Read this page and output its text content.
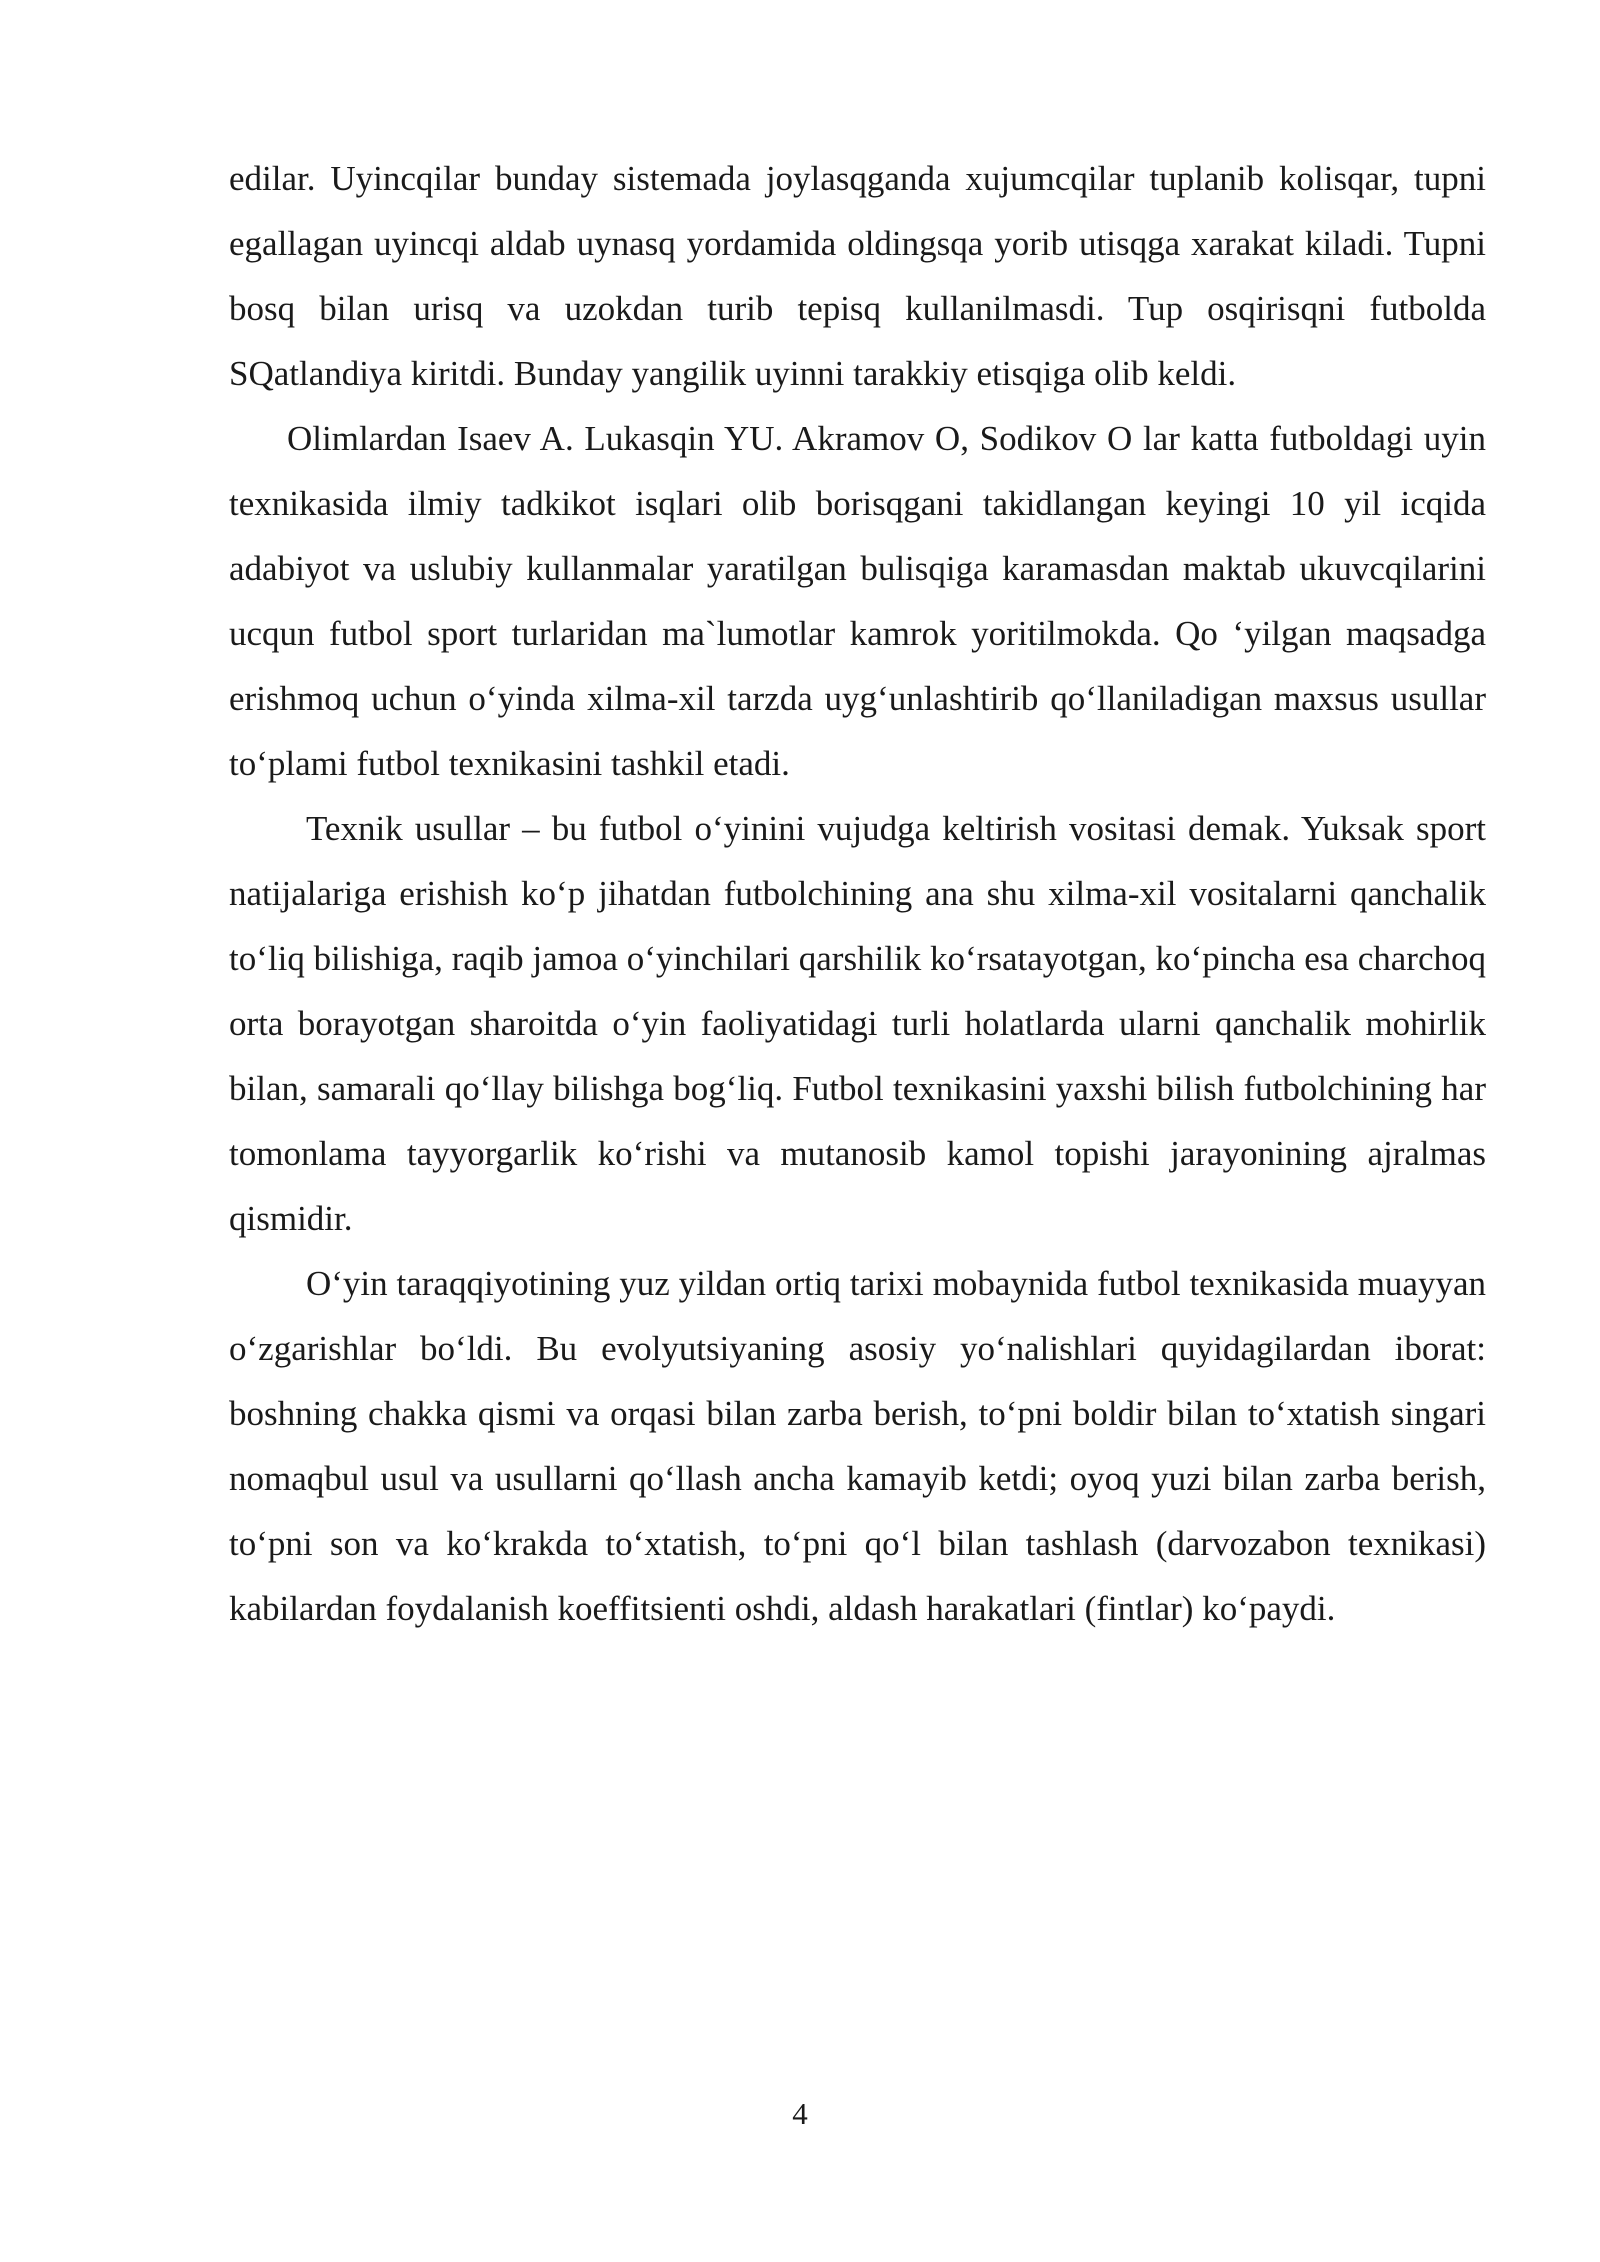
edilar. Uyincqilar bunday sistemada joylasqganda xujumcqilar tuplanib kolisqar, tupni egallagan uyincqi aldab uynasq yordamida oldingsqa yorib utisqga xarakat kiladi. Tupni bosq bilan urisq va uzokdan turib tepisq kullanilmasdi. Tup osqirisqni futbolda SQatlandiya kiritdi. Bunday yangilik uyinni tarakkiy etisqiga olib keldi.

Olimlardan Isaev A. Lukasqin YU. Akramov O, Sodikov O lar katta futboldagi uyin texnikasida ilmiy tadkikot isqlari olib borisqgani takidlangan keyingi 10 yil icqida adabiyot va uslubiy kullanmalar yaratilgan bulisqiga karamasdan maktab ukuvcqilarini ucqun futbol sport turlaridan ma`lumotlar kamrok yoritilmokda. Qo ‘yilgan maqsadga erishmoq uchun o‘yinda xilma-xil tarzda uyg‘unlashtirib qo‘llaniladigan maxsus usullar to‘plami futbol texnikasini tashkil etadi.

Texnik usullar – bu futbol o‘yinini vujudga keltirish vositasi demak. Yuksak sport natijalariga erishish ko‘p jihatdan futbolchining ana shu xilma-xil vositalarni qanchalik to‘liq bilishiga, raqib jamoa o‘yinchilari qarshilik ko‘rsatayotgan, ko‘pincha esa charchoq orta borayotgan sharoitda o‘yin faoliyatidagi turli holatlarda ularni qanchalik mohirlik bilan, samarali qo‘llay bilishga bog‘liq. Futbol texnikasini yaxshi bilish futbolchining har tomonlama tayyorgarlik ko‘rishi va mutanosib kamol topishi jarayonining ajralmas qismidir.

O‘yin taraqqiyotining yuz yildan ortiq tarixi mobaynida futbol texnikasida muayyan o‘zgarishlar bo‘ldi. Bu evolyutsiyaning asosiy yo‘nalishlari quyidagilardan iborat: boshning chakka qismi va orqasi bilan zarba berish, to‘pni boldir bilan to‘xtatish singari nomaqbul usul va usullarni qo‘llash ancha kamayib ketdi; oyoq yuzi bilan zarba berish, to‘pni son va ko‘krakda to‘xtatish, to‘pni qo‘l bilan tashlash (darvozabon texnikasi) kabilardan foydalanish koeffitsienti oshdi, aldash harakatlari (fintlar) ko‘paydi.

4
